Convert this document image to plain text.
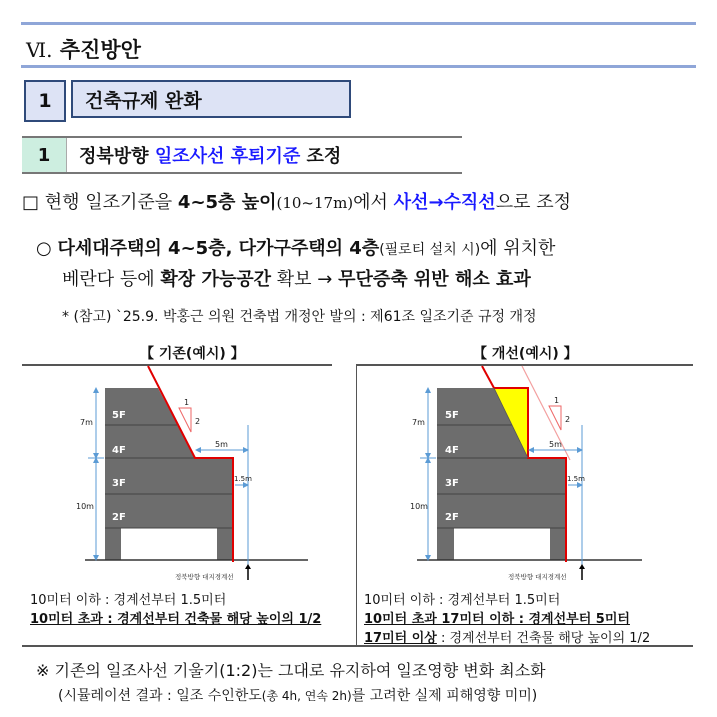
Ⅵ. 추진방안
1	건축규제 완화
1	정북방향
일조사선 후퇴기준
조정
□ 현행 일조기준을 4~5층 높이(10~17m)에서 사선→수직선으로 조정
○ 다세대주택의 4~5층, 다가구주택의 4층(필로티 설치 시)에 위치한
베란다 등에 확장 가능공간 확보 → 무단증축 위반 해소 효과
* (참고) `25.9. 박홍근 의원 건축법 개정안 발의 : 제61조 일조기준 규정 개정
【 기존(예시) 】	【 개선(예시) 】
5F
4F
3F
2F
7m
10m
5m
1.5m
1
2
정북방향 대지경계선
5F
4F
3F
2F
7m
10m
5m
1.5m
1
2
정북방향 대지경계선
10미터 이하 : 경계선부터 1.5미터
10미터 초과 : 경계선부터 건축물 해당 높이의 1/2
10미터 이하 : 경계선부터 1.5미터
10미터 초과 17미터 이하 : 경계선부터 5미터
17미터 이상 : 경계선부터 건축물 해당 높이의 1/2
※ 기존의 일조사선 기울기(1:2)는 그대로 유지하여 일조영향 변화 최소화
(시뮬레이션 결과 : 일조 수인한도(총 4h, 연속 2h)를 고려한 실제 피해영향 미미)
